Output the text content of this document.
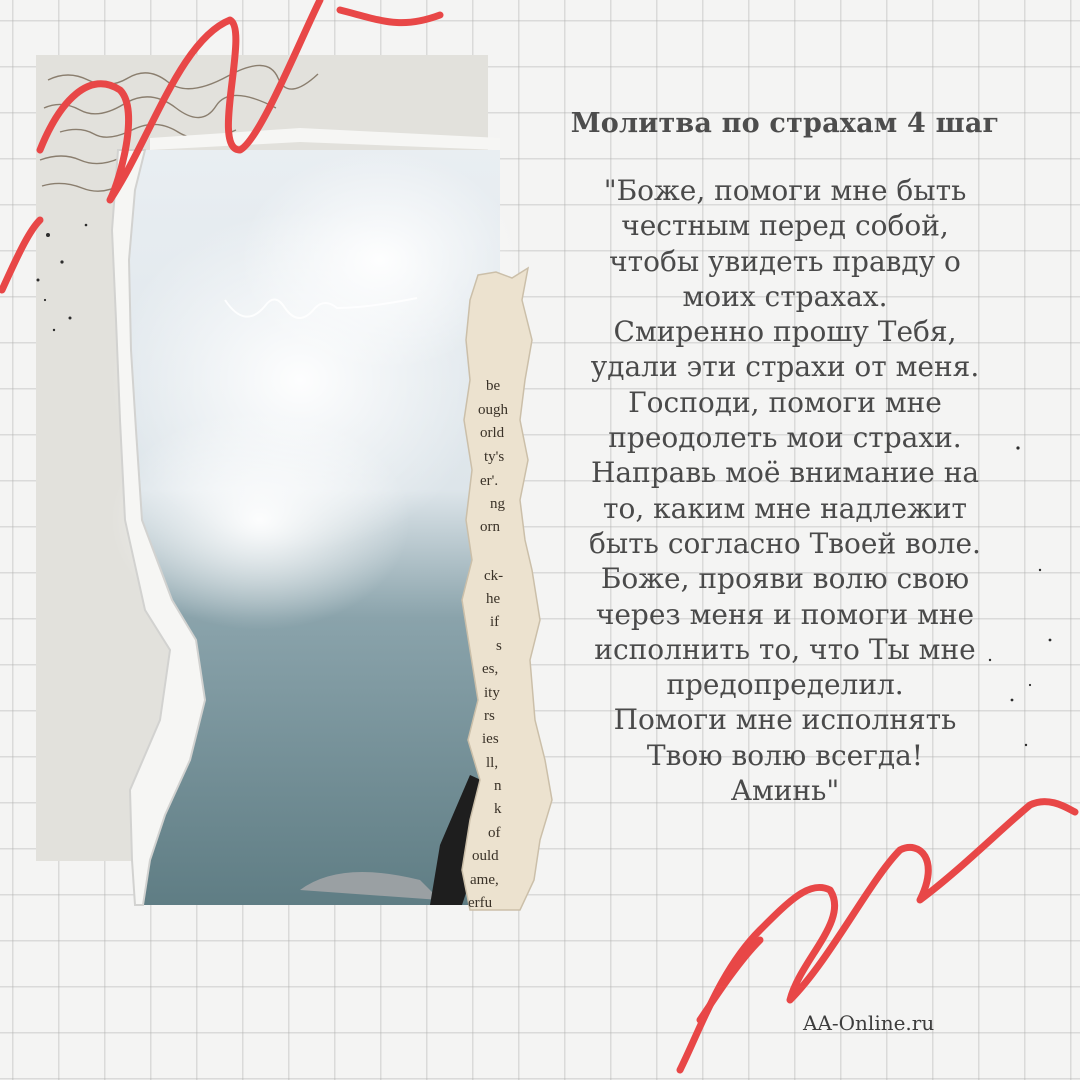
be
ough
orld
ty's
er'.
ng
orn
ck-
he
if
s
es,
ity
rs
ies
ll,
n
k
of
ould
ame,
erfu
Молитва по страхам 4 шаг

"Боже, помоги мне быть
честным перед собой,
чтобы увидеть правду о
моих страхах.
Смиренно прошу Тебя,
удали эти страхи от меня.
Господи, помоги мне
преодолеть мои страхи.
Направь моё внимание на
то, каким мне надлежит
быть согласно Твоей воле.
Боже, прояви волю свою
через меня и помоги мне
исполнить то, что Ты мне
предопределил.
Помоги мне исполнять
Твою волю всегда!
Аминь"

AA-Online.ru
